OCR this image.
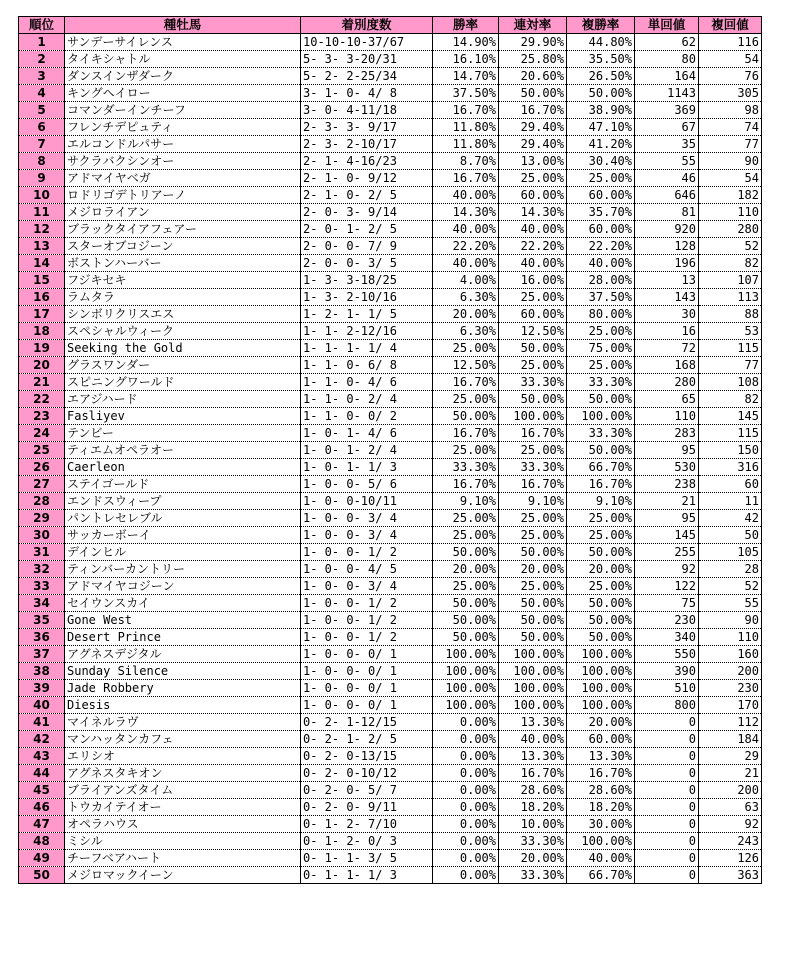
順位	種牡馬	着別度数	勝率	連対率	複勝率	単回値	複回値
1	サンデーサイレンス	10-10-10-37/67	14.90%	29.90%	44.80%	62	116
2	タイキシャトル	5- 3- 3-20/31	16.10%	25.80%	35.50%	80	54
3	ダンスインザダーク	5- 2- 2-25/34	14.70%	20.60%	26.50%	164	76
4	キングヘイロー	3- 1- 0- 4/ 8	37.50%	50.00%	50.00%	1143	305
5	コマンダーインチーフ	3- 0- 4-11/18	16.70%	16.70%	38.90%	369	98
6	フレンチデピュティ	2- 3- 3- 9/17	11.80%	29.40%	47.10%	67	74
7	エルコンドルパサー	2- 3- 2-10/17	11.80%	29.40%	41.20%	35	77
8	サクラバクシンオー	2- 1- 4-16/23	8.70%	13.00%	30.40%	55	90
9	アドマイヤベガ	2- 1- 0- 9/12	16.70%	25.00%	25.00%	46	54
10	ロドリゴデトリアーノ	2- 1- 0- 2/ 5	40.00%	60.00%	60.00%	646	182
11	メジロライアン	2- 0- 3- 9/14	14.30%	14.30%	35.70%	81	110
12	ブラックタイアフェアー	2- 0- 1- 2/ 5	40.00%	40.00%	60.00%	920	280
13	スターオブコジーン	2- 0- 0- 7/ 9	22.20%	22.20%	22.20%	128	52
14	ボストンハーバー	2- 0- 0- 3/ 5	40.00%	40.00%	40.00%	196	82
15	フジキセキ	1- 3- 3-18/25	4.00%	16.00%	28.00%	13	107
16	ラムタラ	1- 3- 2-10/16	6.30%	25.00%	37.50%	143	113
17	シンボリクリスエス	1- 2- 1- 1/ 5	20.00%	60.00%	80.00%	30	88
18	スペシャルウィーク	1- 1- 2-12/16	6.30%	12.50%	25.00%	16	53
19	Seeking the Gold	1- 1- 1- 1/ 4	25.00%	50.00%	75.00%	72	115
20	グラスワンダー	1- 1- 0- 6/ 8	12.50%	25.00%	25.00%	168	77
21	スピニングワールド	1- 1- 0- 4/ 6	16.70%	33.30%	33.30%	280	108
22	エアジハード	1- 1- 0- 2/ 4	25.00%	50.00%	50.00%	65	82
23	Fasliyev	1- 1- 0- 0/ 2	50.00%	100.00%	100.00%	110	145
24	テンビー	1- 0- 1- 4/ 6	16.70%	16.70%	33.30%	283	115
25	ティエムオペラオー	1- 0- 1- 2/ 4	25.00%	25.00%	50.00%	95	150
26	Caerleon	1- 0- 1- 1/ 3	33.30%	33.30%	66.70%	530	316
27	ステイゴールド	1- 0- 0- 5/ 6	16.70%	16.70%	16.70%	238	60
28	エンドスウィープ	1- 0- 0-10/11	9.10%	9.10%	9.10%	21	11
29	パントレセレブル	1- 0- 0- 3/ 4	25.00%	25.00%	25.00%	95	42
30	サッカーボーイ	1- 0- 0- 3/ 4	25.00%	25.00%	25.00%	145	50
31	デインヒル	1- 0- 0- 1/ 2	50.00%	50.00%	50.00%	255	105
32	ティンバーカントリー	1- 0- 0- 4/ 5	20.00%	20.00%	20.00%	92	28
33	アドマイヤコジーン	1- 0- 0- 3/ 4	25.00%	25.00%	25.00%	122	52
34	セイウンスカイ	1- 0- 0- 1/ 2	50.00%	50.00%	50.00%	75	55
35	Gone West	1- 0- 0- 1/ 2	50.00%	50.00%	50.00%	230	90
36	Desert Prince	1- 0- 0- 1/ 2	50.00%	50.00%	50.00%	340	110
37	アグネスデジタル	1- 0- 0- 0/ 1	100.00%	100.00%	100.00%	550	160
38	Sunday Silence	1- 0- 0- 0/ 1	100.00%	100.00%	100.00%	390	200
39	Jade Robbery	1- 0- 0- 0/ 1	100.00%	100.00%	100.00%	510	230
40	Diesis	1- 0- 0- 0/ 1	100.00%	100.00%	100.00%	800	170
41	マイネルラヴ	0- 2- 1-12/15	0.00%	13.30%	20.00%	0	112
42	マンハッタンカフェ	0- 2- 1- 2/ 5	0.00%	40.00%	60.00%	0	184
43	エリシオ	0- 2- 0-13/15	0.00%	13.30%	13.30%	0	29
44	アグネスタキオン	0- 2- 0-10/12	0.00%	16.70%	16.70%	0	21
45	ブライアンズタイム	0- 2- 0- 5/ 7	0.00%	28.60%	28.60%	0	200
46	トウカイテイオー	0- 2- 0- 9/11	0.00%	18.20%	18.20%	0	63
47	オペラハウス	0- 1- 2- 7/10	0.00%	10.00%	30.00%	0	92
48	ミシル	0- 1- 2- 0/ 3	0.00%	33.30%	100.00%	0	243
49	チーフベアハート	0- 1- 1- 3/ 5	0.00%	20.00%	40.00%	0	126
50	メジロマックイーン	0- 1- 1- 1/ 3	0.00%	33.30%	66.70%	0	363
